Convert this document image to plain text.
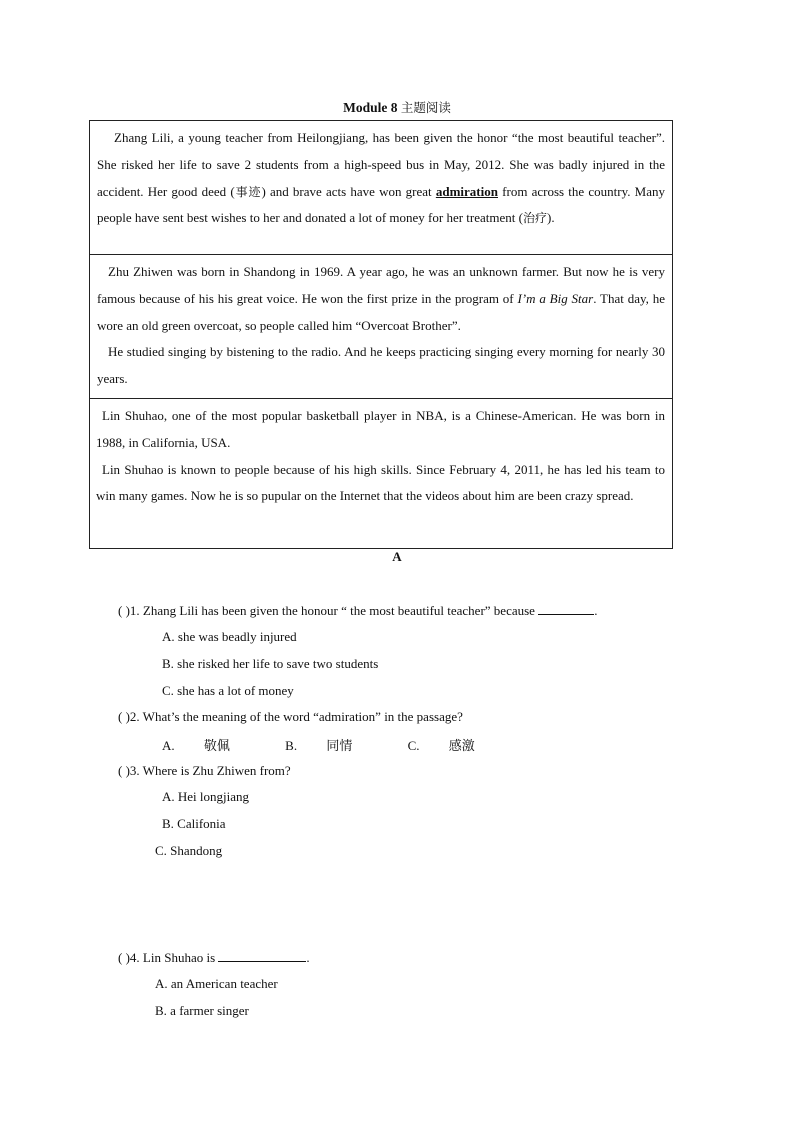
Module 8 主题阅读
Zhang Lili, a young teacher from Heilongjiang, has been given the honor “the most beautiful teacher”. She risked her life to save 2 students from a high-speed bus in May, 2012. She was badly injured in the accident. Her good deed (事迹) and brave acts have won great admiration from across the country. Many people have sent best wishes to her and donated a lot of money for her treatment (治疗).

Zhu Zhiwen was born in Shandong in 1969. A year ago, he was an unknown farmer. But now he is very famous because of his his great voice. He won the first prize in the program of I’m a Big Star. That day, he wore an old green overcoat, so people called him “Overcoat Brother”.
He studied singing by bistening to the radio. And he keeps practicing singing every morning for nearly 30 years.

Lin Shuhao, one of the most popular basketball player in NBA, is a Chinese-American. He was born in 1988, in California, USA.
Lin Shuhao is known to people because of his high skills. Since February 4, 2011, he has led his team to win many games. Now he is so pupular on the Internet that the videos about him are been crazy spread.
A
( )1. Zhang Lili has been given the honour “ the most beautiful teacher” because	.
A. she was beadly injured
B. she risked her life to save two students
C. she has a lot of money
( )2. What’s the meaning of the word “admiration” in the passage?
A. 敬佩	B. 同情	C. 感激
( )3. Where is Zhu Zhiwen from?
A. Hei longjiang
B. Califonia
C. Shandong
( )4. Lin Shuhao is	.
A. an American teacher
B. a farmer singer
